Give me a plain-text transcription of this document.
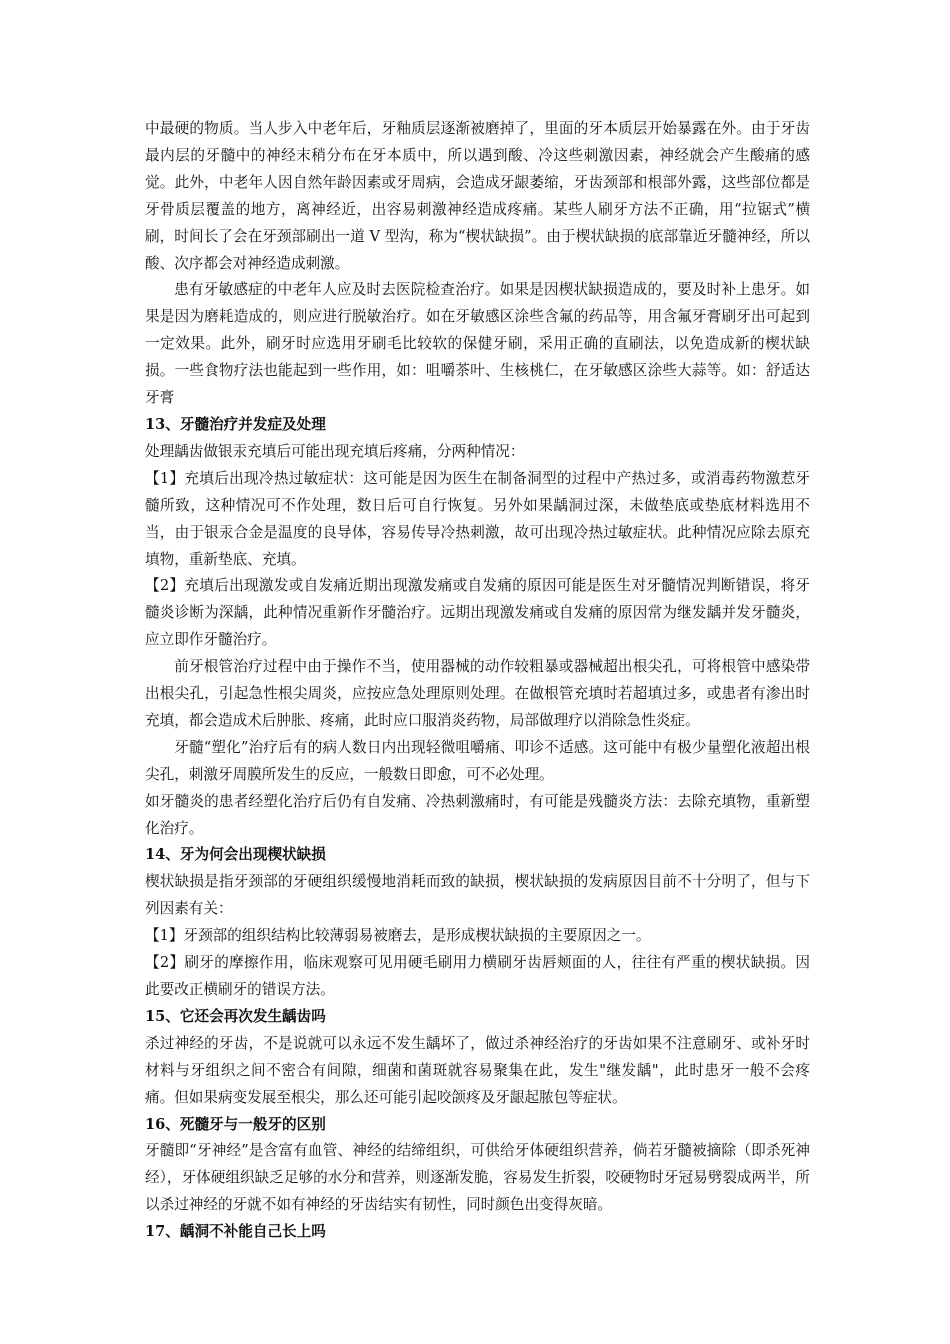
中最硬的物质。当人步入中老年后，牙釉质层逐渐被磨掉了，里面的牙本质层开始暴露在外。由于牙齿最内层的牙髓中的神经末稍分布在牙本质中，所以遇到酸、冷这些刺激因素，神经就会产生酸痛的感觉。此外，中老年人因自然年龄因素或牙周病，会造成牙龈萎缩，牙齿颈部和根部外露，这些部位都是牙骨质层覆盖的地方，离神经近，出容易刺激神经造成疼痛。某些人刷牙方法不正确，用“拉锯式”横刷，时间长了会在牙颈部刷出一道 V 型沟，称为“楔状缺损”。由于楔状缺损的底部靠近牙髓神经，所以酸、次序都会对神经造成刺激。

患有牙敏感症的中老年人应及时去医院检查治疗。如果是因楔状缺损造成的，要及时补上患牙。如果是因为磨耗造成的，则应进行脱敏治疗。如在牙敏感区涂些含氟的药品等，用含氟牙膏刷牙出可起到一定效果。此外，刷牙时应选用牙刷毛比较软的保健牙刷，采用正确的直刷法，以免造成新的楔状缺损。一些食物疗法也能起到一些作用，如：咀嚼茶叶、生核桃仁，在牙敏感区涂些大蒜等。如：舒适达牙膏

13、牙髓治疗并发症及处理

处理龋齿做银汞充填后可能出现充填后疼痛，分两种情况：

【1】充填后出现冷热过敏症状：这可能是因为医生在制备洞型的过程中产热过多，或消毒药物激惹牙髓所致，这种情况可不作处理，数日后可自行恢复。另外如果龋洞过深，未做垫底或垫底材料选用不当，由于银汞合金是温度的良导体，容易传导冷热刺激，故可出现冷热过敏症状。此种情况应除去原充填物，重新垫底、充填。

【2】充填后出现激发或自发痛近期出现激发痛或自发痛的原因可能是医生对牙髓情况判断错误，将牙髓炎诊断为深龋，此种情况重新作牙髓治疗。远期出现激发痛或自发痛的原因常为继发龋并发牙髓炎，应立即作牙髓治疗。

前牙根管治疗过程中由于操作不当，使用器械的动作较粗暴或器械超出根尖孔，可将根管中感染带出根尖孔，引起急性根尖周炎，应按应急处理原则处理。在做根管充填时若超填过多，或患者有渗出时充填，都会造成术后肿胀、疼痛，此时应口服消炎药物，局部做理疗以消除急性炎症。

牙髓“塑化”治疗后有的病人数日内出现轻微咀嚼痛、叩诊不适感。这可能中有极少量塑化液超出根尖孔，刺激牙周膜所发生的反应，一般数日即愈，可不必处理。

如牙髓炎的患者经塑化治疗后仍有自发痛、冷热刺激痛时，有可能是残髓炎方法：去除充填物，重新塑化治疗。

14、牙为何会出现楔状缺损

楔状缺损是指牙颈部的牙硬组织缓慢地消耗而致的缺损，楔状缺损的发病原因目前不十分明了，但与下列因素有关：

【1】牙颈部的组织结构比较薄弱易被磨去，是形成楔状缺损的主要原因之一。

【2】刷牙的摩擦作用，临床观察可见用硬毛刷用力横刷牙齿唇颊面的人，往往有严重的楔状缺损。因此要改正横刷牙的错误方法。

15、它还会再次发生龋齿吗

杀过神经的牙齿，不是说就可以永远不发生龋坏了，做过杀神经治疗的牙齿如果不注意刷牙、或补牙时材料与牙组织之间不密合有间隙，细菌和菌斑就容易聚集在此，发生"继发龋"，此时患牙一般不会疼痛。但如果病变发展至根尖，那么还可能引起咬颌疼及牙龈起脓包等症状。

16、死髓牙与一般牙的区别

牙髓即“牙神经”是含富有血管、神经的结缔组织，可供给牙体硬组织营养，倘若牙髓被摘除（即杀死神经），牙体硬组织缺乏足够的水分和营养，则逐渐发脆，容易发生折裂，咬硬物时牙冠易劈裂成两半，所以杀过神经的牙就不如有神经的牙齿结实有韧性，同时颜色出变得灰暗。

17、龋洞不补能自己长上吗
